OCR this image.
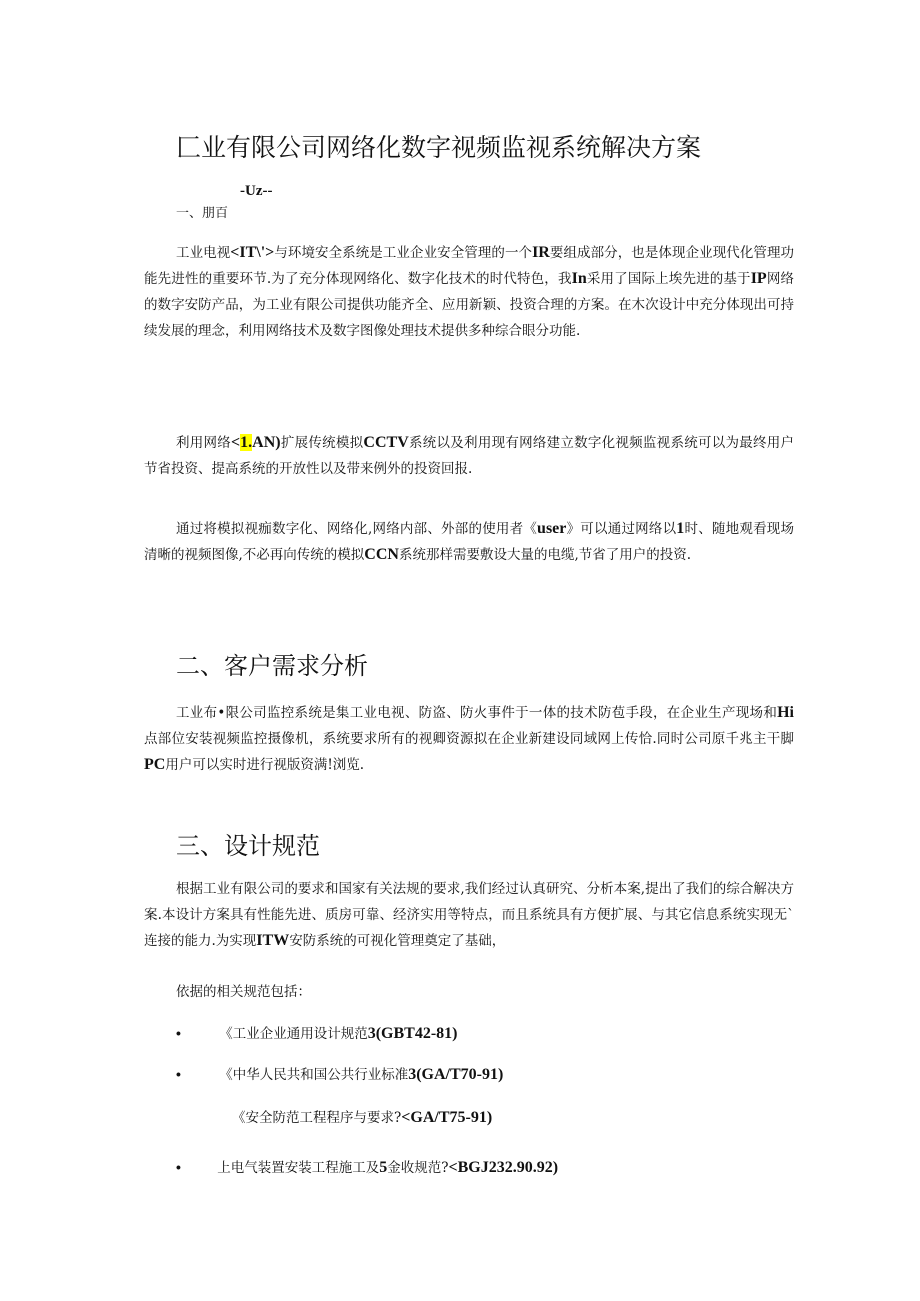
匚业有限公司网络化数字视频监视系统解决方案
-Uz--
一、朋百

工业电视<IT\'>与环境安全系统是工业企业安全管理的一个IR要组成部分，也是体现企业现代化管理功能先进性的重要环节.为了充分体现网络化、数字化技术的时代特色，我In采用了国际上埃先进的基于IP网络的数字安防产品，为工业有限公司提供功能齐全、应用新颖、投资合理的方案。在木次设计中充分体现出可持续发展的理念，利用网络技术及数字图像处理技术提供多种综合眼分功能.

利用网络<1.AN)扩展传统模拟CCTV系统以及利用现有网络建立数字化视频监视系统可以为最终用户节省投资、提高系统的开放性以及带来例外的投资回报.

通过将模拟视痂数字化、网络化,网络内部、外部的使用者《user》可以通过网络以1时、随地观看现场清晰的视频图像,不必再向传统的模拟CCN系统那样需要敷设大量的电缆,节省了用户的投资.

二、客户需求分析

工业布•限公司监控系统是集工业电视、防盗、防火事件于一体的技术防苞手段，在企业生产现场和Hi点部位安装视频监控摄像机，系统要求所有的视卿资源拟在企业新建设同域网上传恰.同时公司原千兆主干脚PC用户可以实时进行视版资满!浏览.

三、设计规范

根据工业有限公司的要求和国家有关法规的要求,我们经过认真研究、分析本案,提出了我们的综合解决方案.本设计方案具有性能先进、质房可靠、经济实用等特点，而且系统具有方便扩展、与其它信息系统实现无`连接的能力.为实现ITW安防系统的可视化管理奠定了基础，

依据的相关规范包括：
•	《工业企业通用设计规范3(GBT42-81)
•	《中华人民共和国公共行业标准3(GA/T70-91)
《安全防范工程程序与要求?<GA/T75-91)
•	上电气装置安装工程施工及5金收规范?<BGJ232.90.92)
